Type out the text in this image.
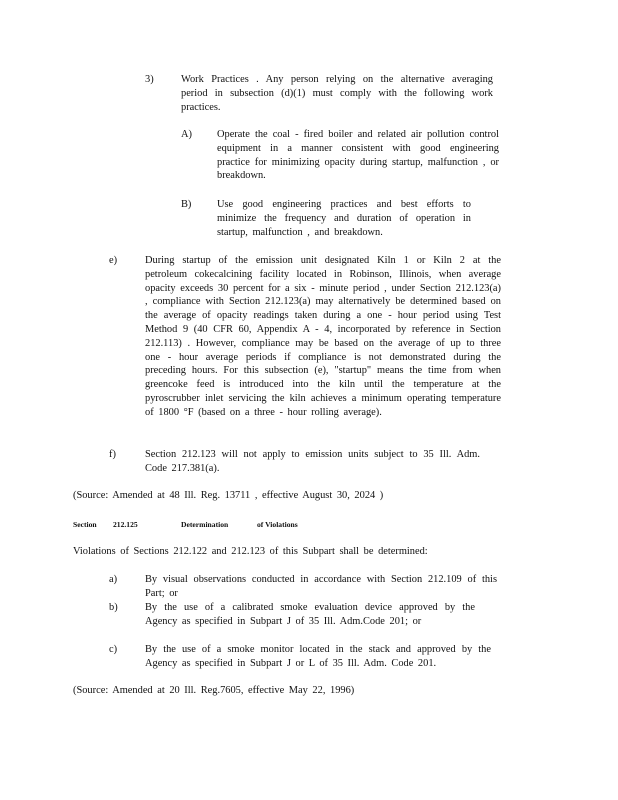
3)	Work Practices . Any person relying on the alternative averaging period in subsection (d)(1) must comply with the following work practices.
A) Operate the coal - fired boiler and related air pollution control equipment in a manner consistent with good engineering practice for minimizing opacity during startup, malfunction , or breakdown.
B) Use good engineering practices and best efforts to minimize the frequency and duration of operation in startup, malfunction , and breakdown.
e)	During startup of the emission unit designated Kiln 1 or Kiln 2 at the petroleum cokecalcining facility located in Robinson, Illinois, when average opacity exceeds 30 percent for a six - minute period , under Section 212.123(a) , compliance with Section 212.123(a) may alternatively be determined based on the average of opacity readings taken during a one - hour period using Test Method 9 (40 CFR 60, Appendix A - 4, incorporated by reference in Section 212.113) . However, compliance may be based on the average of up to three one - hour average periods if compliance is not demonstrated during the preceding hours. For this subsection (e), "startup" means the time from when greencoke feed is introduced into the kiln until the temperature at the pyroscrubber inlet servicing the kiln achieves a minimum operating temperature of 1800 °F (based on a three - hour rolling average).
f)	Section 212.123 will not apply to emission units subject to 35 Ill. Adm. Code 217.381(a).
(Source: Amended at 48 Ill. Reg. 13711 , effective August 30, 2024 )
Section 212.125	Determination	of Violations
Violations of Sections 212.122 and 212.123 of this Subpart shall be determined:
a)	By visual observations conducted in accordance with Section 212.109 of this Part; or
b)	By the use of a calibrated smoke evaluation device approved by the Agency as specified in Subpart J of 35 Ill. Adm.Code 201; or
c)	By the use of a smoke monitor located in the stack and approved by the Agency as specified in Subpart J or L of 35 Ill. Adm. Code 201.
(Source: Amended at 20 Ill. Reg.7605, effective May 22, 1996)
